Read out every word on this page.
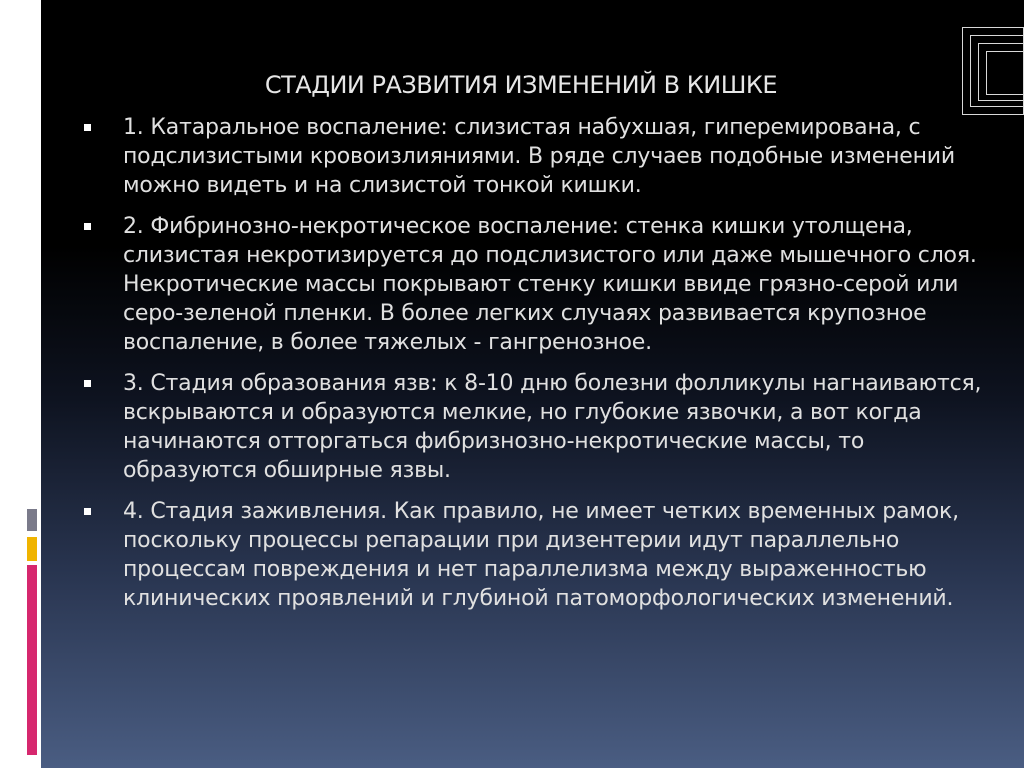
СТАДИИ РАЗВИТИЯ ИЗМЕНЕНИЙ В КИШКЕ
1. Катаральное воспаление: слизистая набухшая, гиперемирована, с подслизистыми кровоизлияниями. В ряде случаев подобные изменений можно видеть и на слизистой тонкой кишки.
2. Фибринозно-некротическое воспаление: стенка кишки утолщена, слизистая некротизируется до подслизистого или даже мышечного слоя. Некротические массы покрывают стенку кишки ввиде грязно-серой или серо-зеленой пленки. В более легких случаях развивается крупозное воспаление, в более тяжелых - гангренозное.
3. Стадия образования язв: к 8-10 дню болезни фолликулы нагнаиваются, вскрываются и образуются мелкие, но глубокие язвочки, а вот когда начинаются отторгаться фибризнозно-некротические массы, то образуются обширные язвы.
4. Стадия заживления. Как правило, не имеет четких временных рамок, поскольку процессы репарации при дизентерии идут параллельно процессам повреждения и нет параллелизма между выраженностью клинических проявлений и глубиной патоморфологических изменений.
